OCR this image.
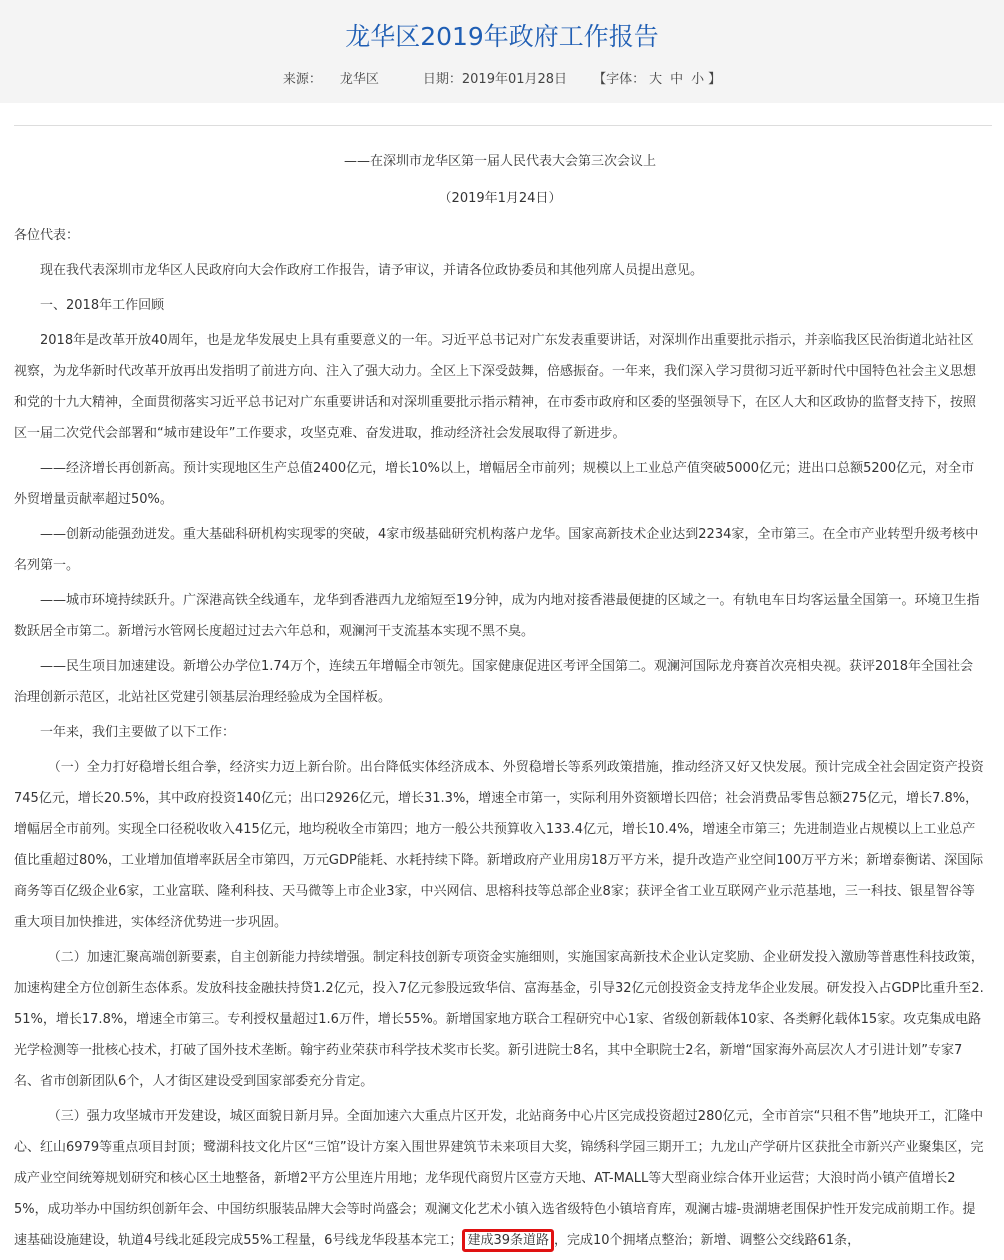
龙华区2019年政府工作报告
来源： 龙华区	日期：2019年01月28日 【字体： 大 中 小 】

——在深圳市龙华区第一届人民代表大会第三次会议上

（2019年1月24日）

各位代表：

现在我代表深圳市龙华区人民政府向大会作政府工作报告，请予审议，并请各位政协委员和其他列席人员提出意见。

一、2018年工作回顾

2018年是改革开放40周年，也是龙华发展史上具有重要意义的一年。习近平总书记对广东发表重要讲话，对深圳作出重要批示指示，并亲临我区民治街道北站社区视察，为龙华新时代改革开放再出发指明了前进方向、注入了强大动力。全区上下深受鼓舞，倍感振奋。一年来，我们深入学习贯彻习近平新时代中国特色社会主义思想和党的十九大精神，全面贯彻落实习近平总书记对广东重要讲话和对深圳重要批示指示精神，在市委市政府和区委的坚强领导下，在区人大和区政协的监督支持下，按照区一届二次党代会部署和“城市建设年”工作要求，攻坚克难、奋发进取，推动经济社会发展取得了新进步。

——经济增长再创新高。预计实现地区生产总值2400亿元，增长10%以上，增幅居全市前列；规模以上工业总产值突破5000亿元；进出口总额5200亿元，对全市外贸增量贡献率超过50%。

——创新动能强劲迸发。重大基础科研机构实现零的突破，4家市级基础研究机构落户龙华。国家高新技术企业达到2234家，全市第三。在全市产业转型升级考核中名列第一。

——城市环境持续跃升。广深港高铁全线通车，龙华到香港西九龙缩短至19分钟，成为内地对接香港最便捷的区域之一。有轨电车日均客运量全国第一。环境卫生指数跃居全市第二。新增污水管网长度超过过去六年总和，观澜河干支流基本实现不黑不臭。

——民生项目加速建设。新增公办学位1.74万个，连续五年增幅全市领先。国家健康促进区考评全国第二。观澜河国际龙舟赛首次亮相央视。获评2018年全国社会治理创新示范区，北站社区党建引领基层治理经验成为全国样板。

一年来，我们主要做了以下工作：

（一）全力打好稳增长组合拳，经济实力迈上新台阶。出台降低实体经济成本、外贸稳增长等系列政策措施，推动经济又好又快发展。预计完成全社会固定资产投资745亿元，增长20.5%，其中政府投资140亿元；出口2926亿元，增长31.3%，增速全市第一，实际利用外资额增长四倍；社会消费品零售总额275亿元，增长7.8%，增幅居全市前列。实现全口径税收收入415亿元，地均税收全市第四；地方一般公共预算收入133.4亿元，增长10.4%，增速全市第三；先进制造业占规模以上工业总产值比重超过80%，工业增加值增率跃居全市第四，万元GDP能耗、水耗持续下降。新增政府产业用房18万平方米，提升改造产业空间100万平方米；新增泰衡诺、深国际商务等百亿级企业6家，工业富联、隆利科技、天马微等上市企业3家，中兴网信、思榕科技等总部企业8家；获评全省工业互联网产业示范基地，三一科技、银星智谷等重大项目加快推进，实体经济优势进一步巩固。

（二）加速汇聚高端创新要素，自主创新能力持续增强。制定科技创新专项资金实施细则，实施国家高新技术企业认定奖励、企业研发投入激励等普惠性科技政策，加速构建全方位创新生态体系。发放科技金融扶持贷1.2亿元，投入7亿元参股远致华信、富海基金，引导32亿元创投资金支持龙华企业发展。研发投入占GDP比重升至2.51%，增长17.8%，增速全市第三。专利授权量超过1.6万件，增长55%。新增国家地方联合工程研究中心1家、省级创新载体10家、各类孵化载体15家。攻克集成电路光学检测等一批核心技术，打破了国外技术垄断。翰宇药业荣获市科学技术奖市长奖。新引进院士8名，其中全职院士2名，新增“国家海外高层次人才引进计划”专家7名、省市创新团队6个，人才街区建设受到国家部委充分肯定。

（三）强力攻坚城市开发建设，城区面貌日新月异。全面加速六大重点片区开发，北站商务中心片区完成投资超过280亿元，全市首宗“只租不售”地块开工，汇隆中心、红山6979等重点项目封顶；鹭湖科技文化片区“三馆”设计方案入围世界建筑节未来项目大奖，锦绣科学园三期开工；九龙山产学研片区获批全市新兴产业聚集区，完成产业空间统筹规划研究和核心区土地整备，新增2平方公里连片用地；龙华现代商贸片区壹方天地、AT-MALL等大型商业综合体开业运营；大浪时尚小镇产值增长25%，成功举办中国纺织创新年会、中国纺织服装品牌大会等时尚盛会；观澜文化艺术小镇入选省级特色小镇培育库，观澜古墟-贵湖塘老围保护性开发完成前期工作。提速基础设施建设，轨道4号线北延段完成55%工程量，6号线龙华段基本完工； 建成39条道路 ，完成10个拥堵点整治；新增、调整公交线路61条，
